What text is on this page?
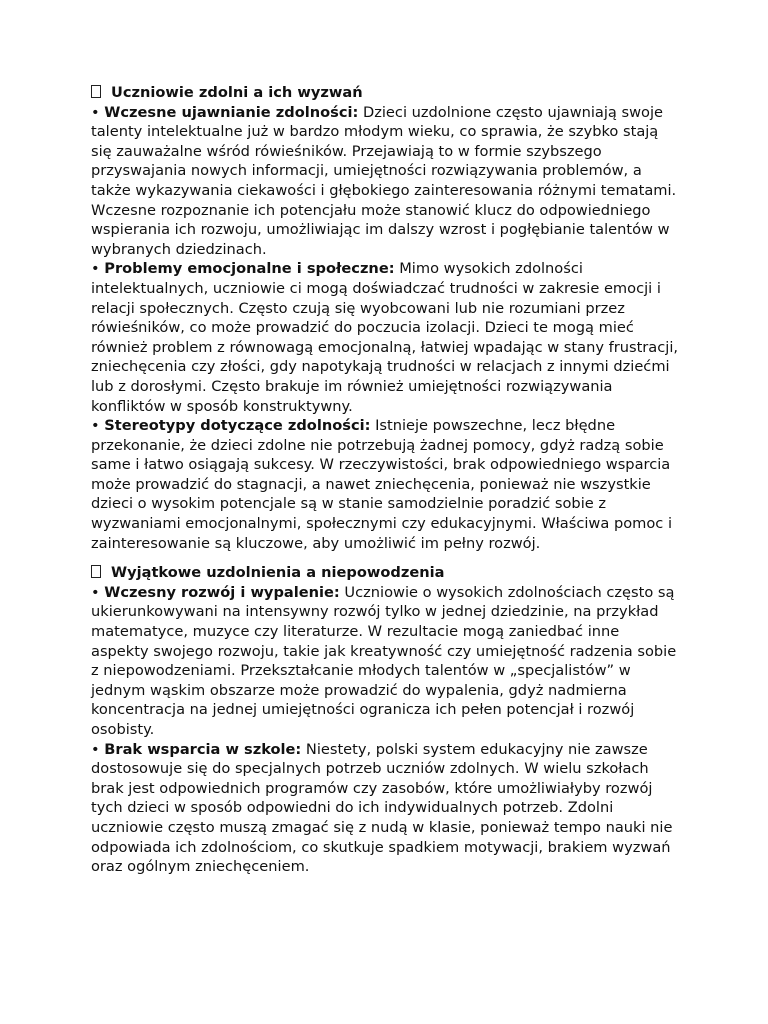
Uczniowie zdolni a ich wyzwań

• Wczesne ujawnianie zdolności: Dzieci uzdolnione często ujawniają swoje talenty intelektualne już w bardzo młodym wieku, co sprawia, że szybko stają się zauważalne wśród rówieśników. Przejawiają to w formie szybszego przyswajania nowych informacji, umiejętności rozwiązywania problemów, a także wykazywania ciekawości i głębokiego zainteresowania różnymi tematami. Wczesne rozpoznanie ich potencjału może stanowić klucz do odpowiedniego wspierania ich rozwoju, umożliwiając im dalszy wzrost i pogłębianie talentów w wybranych dziedzinach.

• Problemy emocjonalne i społeczne: Mimo wysokich zdolności intelektualnych, uczniowie ci mogą doświadczać trudności w zakresie emocji i relacji społecznych. Często czują się wyobcowani lub nie rozumiani przez rówieśników, co może prowadzić do poczucia izolacji. Dzieci te mogą mieć również problem z równowagą emocjonalną, łatwiej wpadając w stany frustracji, zniechęcenia czy złości, gdy napotykają trudności w relacjach z innymi dziećmi lub z dorosłymi. Często brakuje im również umiejętności rozwiązywania konfliktów w sposób konstruktywny.

• Stereotypy dotyczące zdolności: Istnieje powszechne, lecz błędne przekonanie, że dzieci zdolne nie potrzebują żadnej pomocy, gdyż radzą sobie same i łatwo osiągają sukcesy. W rzeczywistości, brak odpowiedniego wsparcia może prowadzić do stagnacji, a nawet zniechęcenia, ponieważ nie wszystkie dzieci o wysokim potencjale są w stanie samodzielnie poradzić sobie z wyzwaniami emocjonalnymi, społecznymi czy edukacyjnymi. Właściwa pomoc i zainteresowanie są kluczowe, aby umożliwić im pełny rozwój.

Wyjątkowe uzdolnienia a niepowodzenia

• Wczesny rozwój i wypalenie: Uczniowie o wysokich zdolnościach często są ukierunkowywani na intensywny rozwój tylko w jednej dziedzinie, na przykład matematyce, muzyce czy literaturze. W rezultacie mogą zaniedbać inne aspekty swojego rozwoju, takie jak kreatywność czy umiejętność radzenia sobie z niepowodzeniami. Przekształcanie młodych talentów w „specjalistów” w jednym wąskim obszarze może prowadzić do wypalenia, gdyż nadmierna koncentracja na jednej umiejętności ogranicza ich pełen potencjał i rozwój osobisty.

• Brak wsparcia w szkole: Niestety, polski system edukacyjny nie zawsze dostosowuje się do specjalnych potrzeb uczniów zdolnych. W wielu szkołach brak jest odpowiednich programów czy zasobów, które umożliwiałyby rozwój tych dzieci w sposób odpowiedni do ich indywidualnych potrzeb. Zdolni uczniowie często muszą zmagać się z nudą w klasie, ponieważ tempo nauki nie odpowiada ich zdolnościom, co skutkuje spadkiem motywacji, brakiem wyzwań oraz ogólnym zniechęceniem.
